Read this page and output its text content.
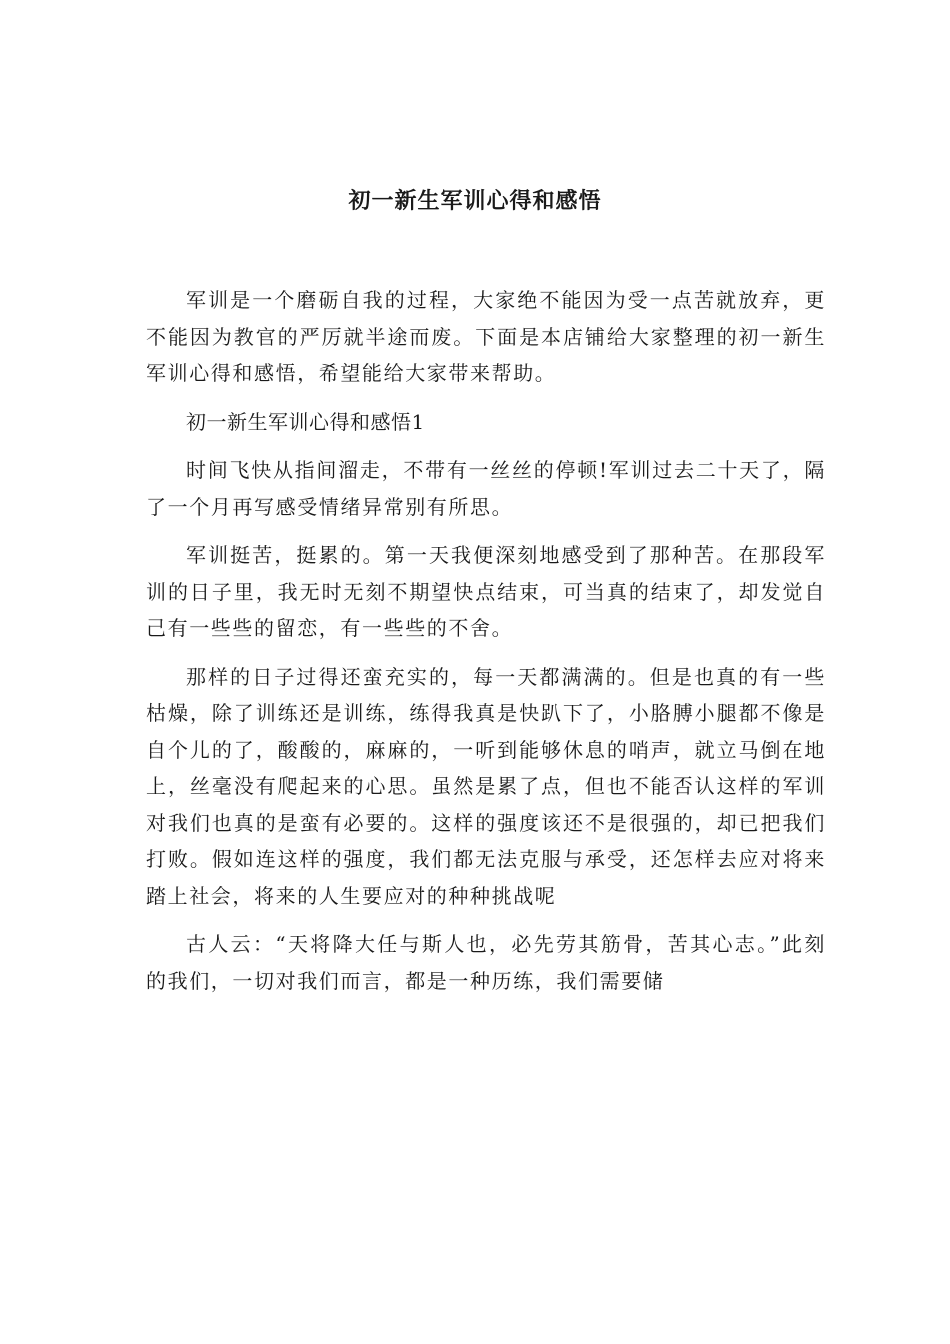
初一新生军训心得和感悟

军训是一个磨砺自我的过程，大家绝不能因为受一点苦就放弃，更不能因为教官的严厉就半途而废。下面是本店铺给大家整理的初一新生军训心得和感悟，希望能给大家带来帮助。

初一新生军训心得和感悟1

时间飞快从指间溜走，不带有一丝丝的停顿!军训过去二十天了，隔了一个月再写感受情绪异常别有所思。

军训挺苦，挺累的。第一天我便深刻地感受到了那种苦。在那段军训的日子里，我无时无刻不期望快点结束，可当真的结束了，却发觉自己有一些些的留恋，有一些些的不舍。

那样的日子过得还蛮充实的，每一天都满满的。但是也真的有一些枯燥，除了训练还是训练，练得我真是快趴下了，小胳膊小腿都不像是自个儿的了，酸酸的，麻麻的，一听到能够休息的哨声，就立马倒在地上，丝毫没有爬起来的心思。虽然是累了点，但也不能否认这样的军训对我们也真的是蛮有必要的。这样的强度该还不是很强的，却已把我们打败。假如连这样的强度，我们都无法克服与承受，还怎样去应对将来踏上社会，将来的人生要应对的种种挑战呢

古人云：“天将降大任与斯人也，必先劳其筋骨，苦其心志。”此刻的我们，一切对我们而言，都是一种历练，我们需要储
